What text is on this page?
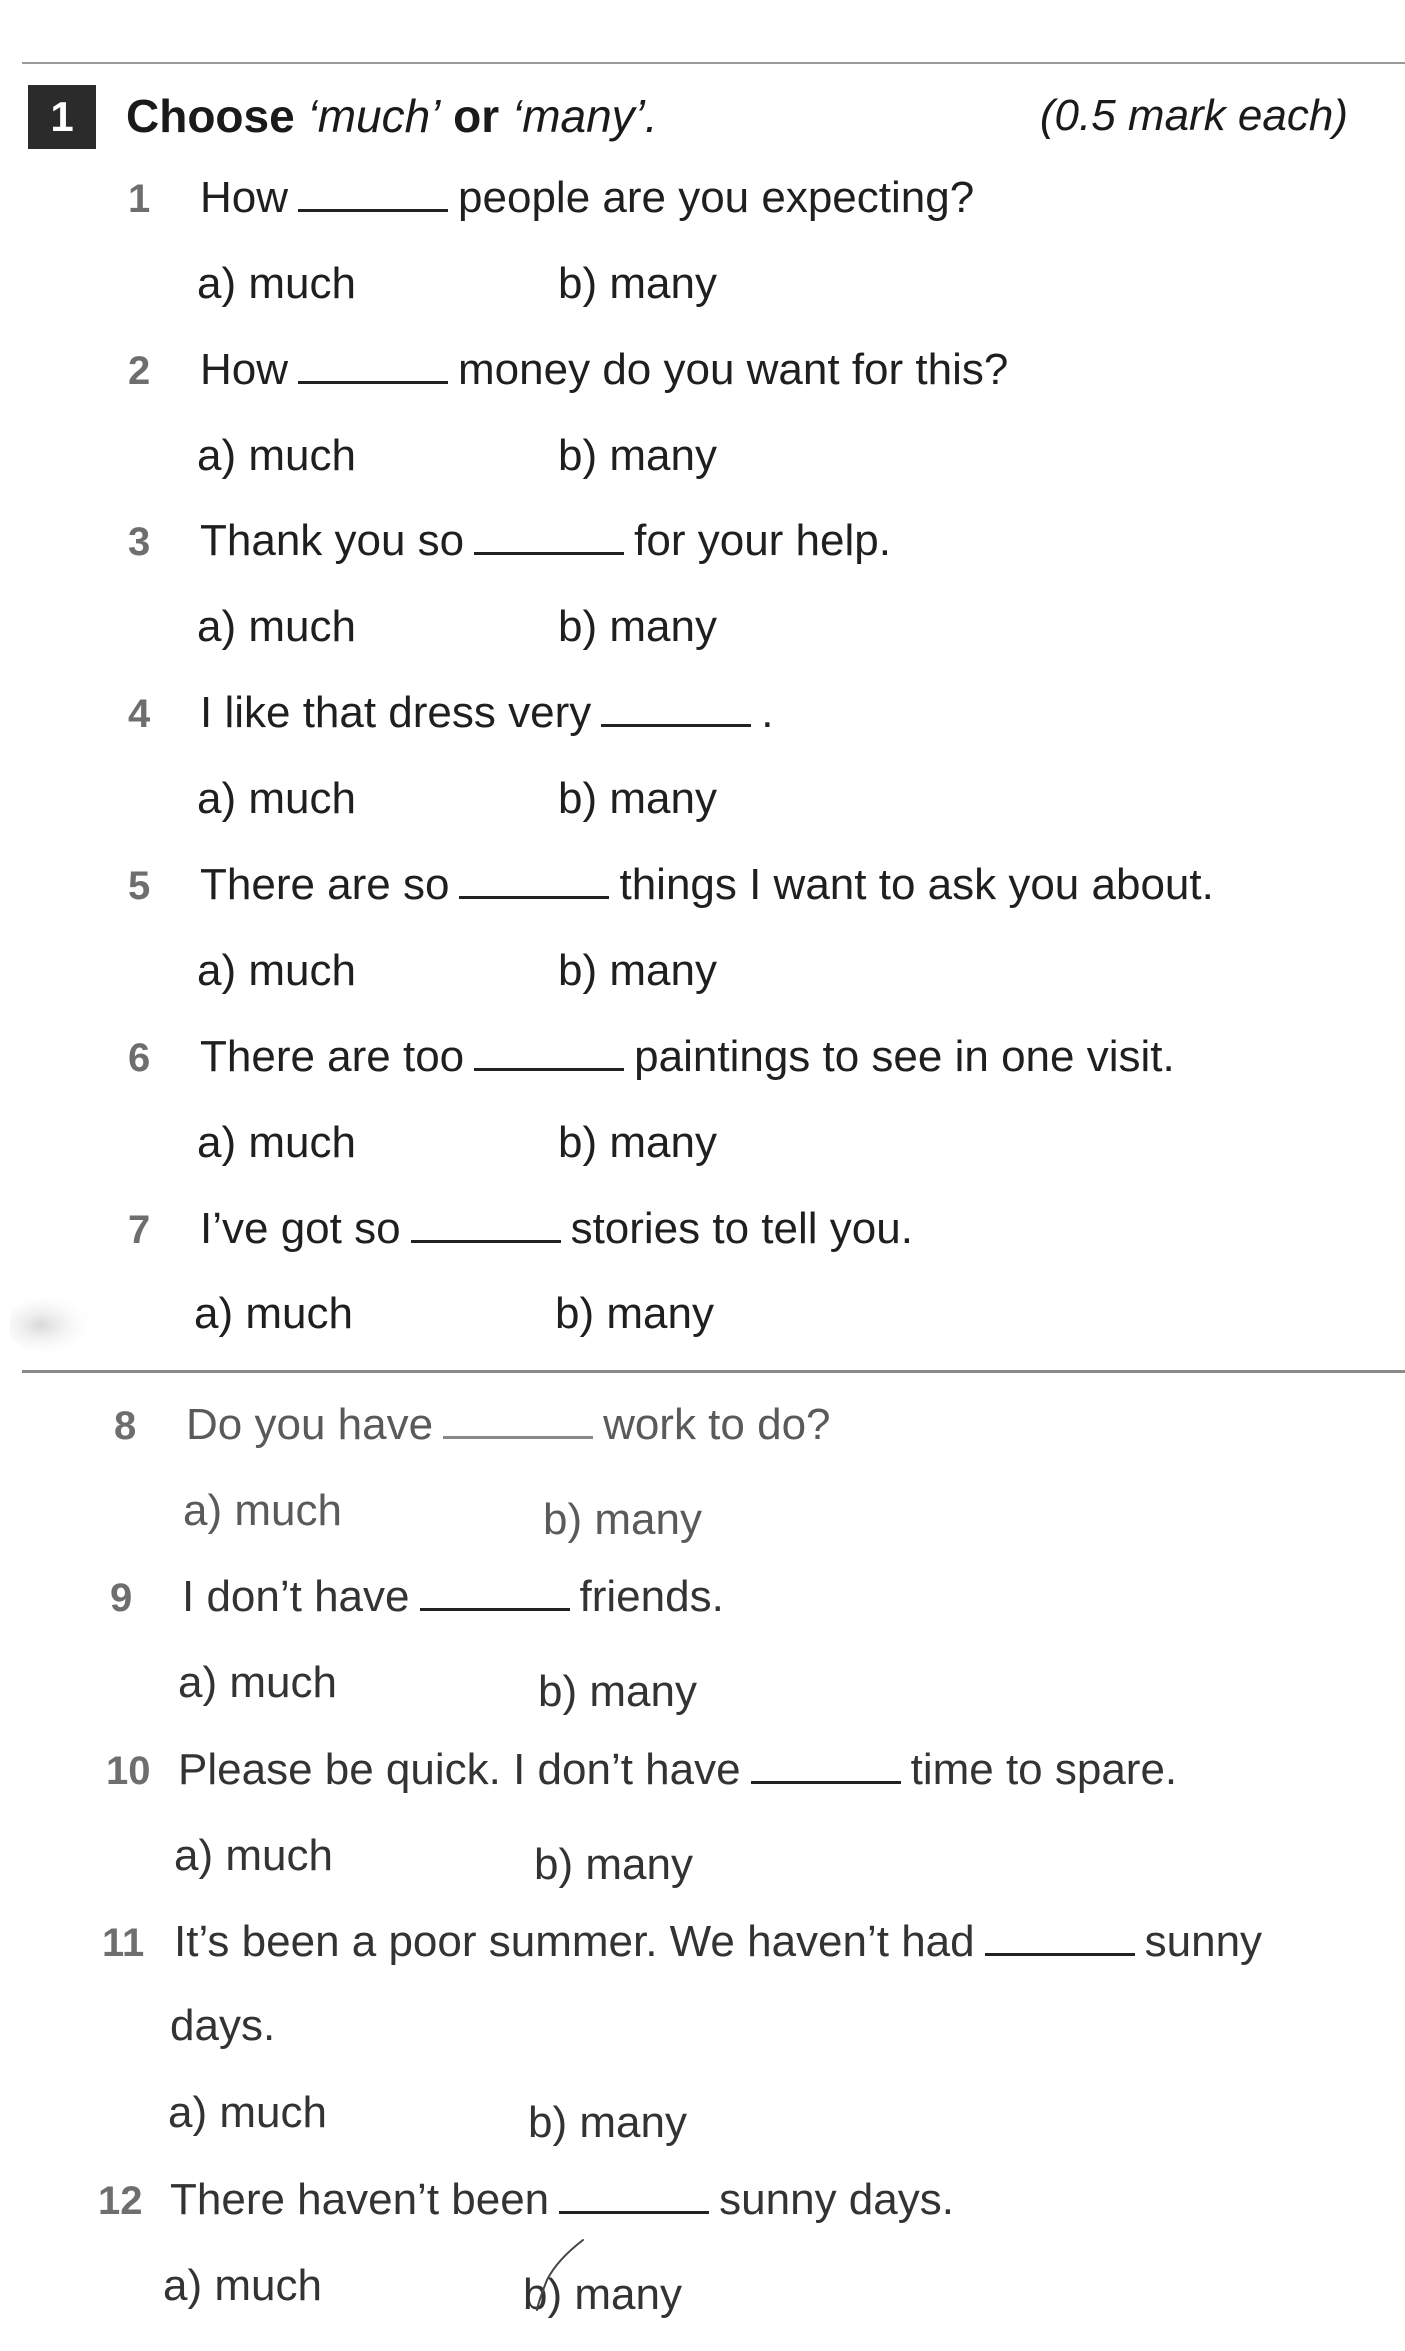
1	Choose ‘much’ or ‘many’.	(0.5 mark each)
1 How	people are you expecting?
a) much	b) many
2 How	money do you want for this?
a) much	b) many
3 Thank you so	for your help.
a) much	b) many
4 I like that dress very	.
a) much	b) many
5 There are so	things I want to ask you about.
a) much	b) many
6 There are too	paintings to see in one visit.
a) much	b) many
7 I’ve got so	stories to tell you.
a) much	b) many
8 Do you have	work to do?
a) much	b) many
9 I don’t have	friends.
a) much	b) many
10 Please be quick. I don’t have	time to spare.
a) much	b) many
11 It’s been a poor summer. We haven’t had	sunny
days.
a) much	b) many
12 There haven’t been	sunny days.
a) much	b) many
